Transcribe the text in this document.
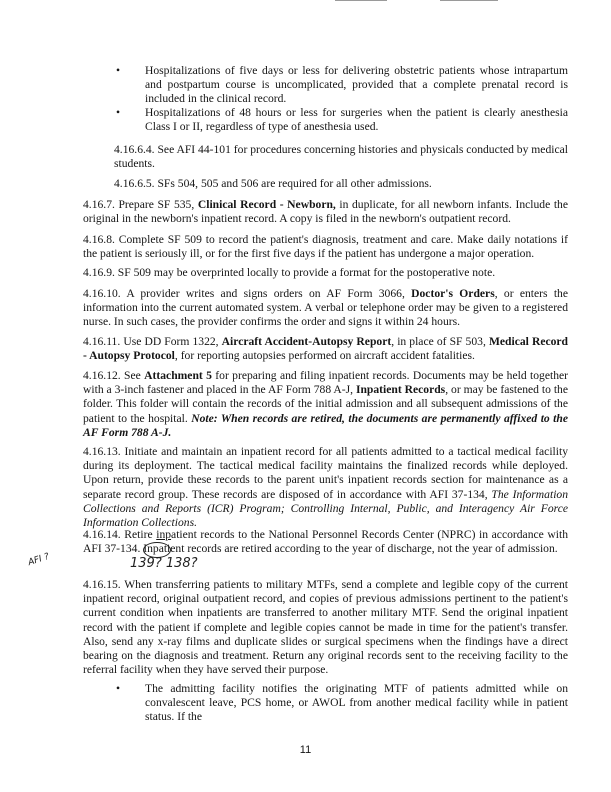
• Hospitalizations of five days or less for delivering obstetric patients whose intrapartum and postpartum course is uncomplicated, provided that a complete prenatal record is included in the clinical record.
• Hospitalizations of 48 hours or less for surgeries when the patient is clearly anesthesia Class I or II, regardless of type of anesthesia used.

4.16.6.4. See AFI 44-101 for procedures concerning histories and physicals conducted by medical students.

4.16.6.5. SFs 504, 505 and 506 are required for all other admissions.

4.16.7. Prepare SF 535, Clinical Record - Newborn, in duplicate, for all newborn infants. Include the original in the newborn's inpatient record. A copy is filed in the newborn's outpatient record.

4.16.8. Complete SF 509 to record the patient's diagnosis, treatment and care. Make daily notations if the patient is seriously ill, or for the first five days if the patient has undergone a major operation.

4.16.9. SF 509 may be overprinted locally to provide a format for the postoperative note.

4.16.10. A provider writes and signs orders on AF Form 3066, Doctor's Orders, or enters the information into the current automated system. A verbal or telephone order may be given to a registered nurse. In such cases, the provider confirms the order and signs it within 24 hours.

4.16.11. Use DD Form 1322, Aircraft Accident-Autopsy Report, in place of SF 503, Medical Record - Autopsy Protocol, for reporting autopsies performed on aircraft accident fatalities.

4.16.12. See Attachment 5 for preparing and filing inpatient records. Documents may be held together with a 3-inch fastener and placed in the AF Form 788 A-J, Inpatient Records, or may be fastened to the folder. This folder will contain the records of the initial admission and all subsequent admissions of the patient to the hospital. Note: When records are retired, the documents are permanently affixed to the AF Form 788 A-J.

4.16.13. Initiate and maintain an inpatient record for all patients admitted to a tactical medical facility during its deployment. The tactical medical facility maintains the finalized records while deployed. Upon return, provide these records to the parent unit's inpatient records section for maintenance as a separate record group. These records are disposed of in accordance with AFI 37-134, The Information Collections and Reports (ICR) Program; Controlling Internal, Public, and Interagency Air Force Information Collections.

4.16.14. Retire inpatient records to the National Personnel Records Center (NPRC) in accordance with AFI 37-134. Inpatient records are retired according to the year of discharge, not the year of admission.

139? 138?
AFI ?

4.16.15. When transferring patients to military MTFs, send a complete and legible copy of the current inpatient record, original outpatient record, and copies of previous admissions pertinent to the patient's current condition when inpatients are transferred to another military MTF. Send the original inpatient record with the patient if complete and legible copies cannot be made in time for the patient's transfer. Also, send any x-ray films and duplicate slides or surgical specimens when the findings have a direct bearing on the diagnosis and treatment. Return any original records sent to the receiving facility to the referral facility when they have served their purpose.

• The admitting facility notifies the originating MTF of patients admitted while on convalescent leave, PCS home, or AWOL from another medical facility while in patient status. If the
11
